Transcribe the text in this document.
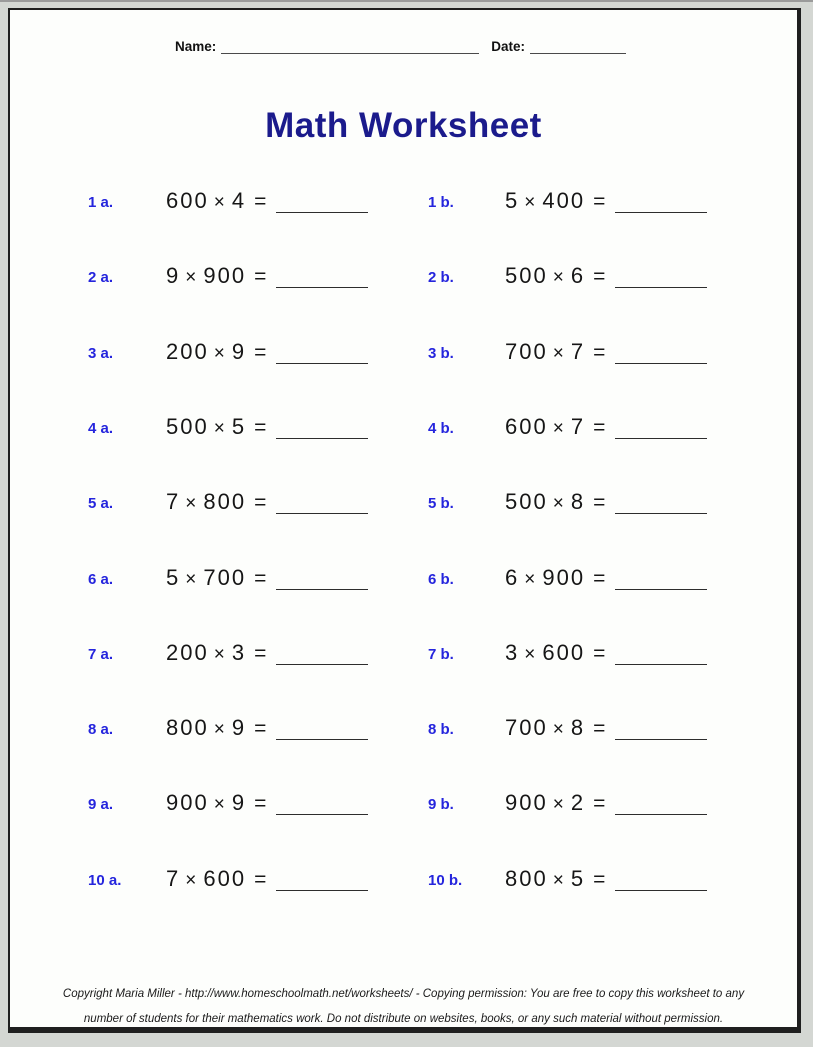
Name:	Date:
Math Worksheet
1 a. 600 × 4 =	1 b. 5 × 400 =
2 a. 9 × 900 =	2 b. 500 × 6 =
3 a. 200 × 9 =	3 b. 700 × 7 =
4 a. 500 × 5 =	4 b. 600 × 7 =
5 a. 7 × 800 =	5 b. 500 × 8 =
6 a. 5 × 700 =	6 b. 6 × 900 =
7 a. 200 × 3 =	7 b. 3 × 600 =
8 a. 800 × 9 =	8 b. 700 × 8 =
9 a. 900 × 9 =	9 b. 900 × 2 =
10 a. 7 × 600 =	10 b. 800 × 5 =
Copyright Maria Miller - http://www.homeschoolmath.net/worksheets/ - Copying permission: You are free to copy this worksheet to any number of students for their mathematics work. Do not distribute on websites, books, or any such material without permission.
